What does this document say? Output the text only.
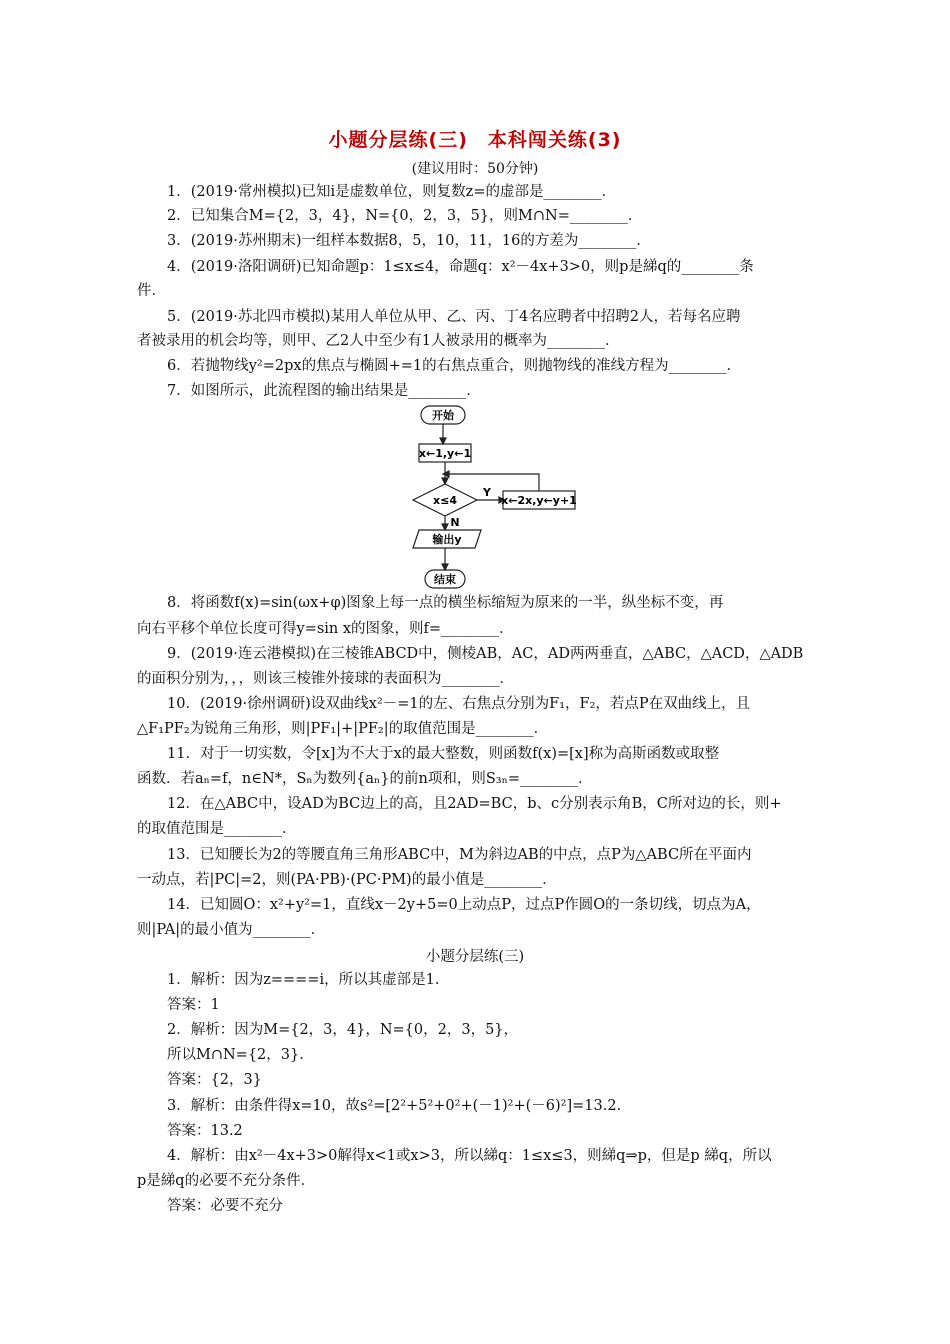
小题分层练(三)　本科闯关练(3)
(建议用时：50分钟)
1．(2019·常州模拟)已知i是虚数单位，则复数z=的虚部是________．
2．已知集合M={2，3，4}，N={0，2，3，5}，则M∩N=________．
3．(2019·苏州期末)一组样本数据8，5，10，11，16的方差为________．
4．(2019·洛阳调研)已知命题p：1≤x≤4，命题q：x²－4x+3>0，则p是綈q的________条
件．
5．(2019·苏北四市模拟)某用人单位从甲、乙、丙、丁4名应聘者中招聘2人，若每名应聘
者被录用的机会均等，则甲、乙2人中至少有1人被录用的概率为________．
6．若抛物线y²=2px的焦点与椭圆+=1的右焦点重合，则抛物线的准线方程为________．
7．如图所示，此流程图的输出结果是________．
开始
x←1,y←1
x≤4
Y
x←2x,y←y+1
N
输出y
结束
8．将函数f(x)=sin(ωx+φ)图象上每一点的横坐标缩短为原来的一半，纵坐标不变，再
向右平移个单位长度可得y=sin x的图象，则f=________．
9．(2019·连云港模拟)在三棱锥ABCD中，侧棱AB，AC，AD两两垂直，△ABC，△ACD，△ADB
的面积分别为，，，则该三棱锥外接球的表面积为________．
10．(2019·徐州调研)设双曲线x²－=1的左、右焦点分别为F₁，F₂，若点P在双曲线上，且
△F₁PF₂为锐角三角形，则|PF₁|+|PF₂|的取值范围是________．
11．对于一切实数，令[x]为不大于x的最大整数，则函数f(x)=[x]称为高斯函数或取整
函数．若aₙ=f，n∈N*，Sₙ为数列{aₙ}的前n项和，则S₃ₙ=________．
12．在△ABC中，设AD为BC边上的高，且2AD=BC，b、c分别表示角B，C所对边的长，则+
的取值范围是________．
13．已知腰长为2的等腰直角三角形ABC中，M为斜边AB的中点，点P为△ABC所在平面内
一动点，若|PC|=2，则(PA·PB)·(PC·PM)的最小值是________．
14．已知圆O：x²+y²=1，直线x－2y+5=0上动点P，过点P作圆O的一条切线，切点为A，
则|PA|的最小值为________．
小题分层练(三)
1．解析：因为z====i，所以其虚部是1.
答案：1
2．解析：因为M={2，3，4}，N={0，2，3，5}，
所以M∩N={2，3}．
答案：{2，3}
3．解析：由条件得x=10，故s²=[2²+5²+0²+(－1)²+(－6)²]=13.2.
答案：13.2
4．解析：由x²－4x+3>0解得x<1或x>3，所以綈q：1≤x≤3，则綈q⇒p，但是p 綈q，所以
p是綈q的必要不充分条件．
答案：必要不充分
